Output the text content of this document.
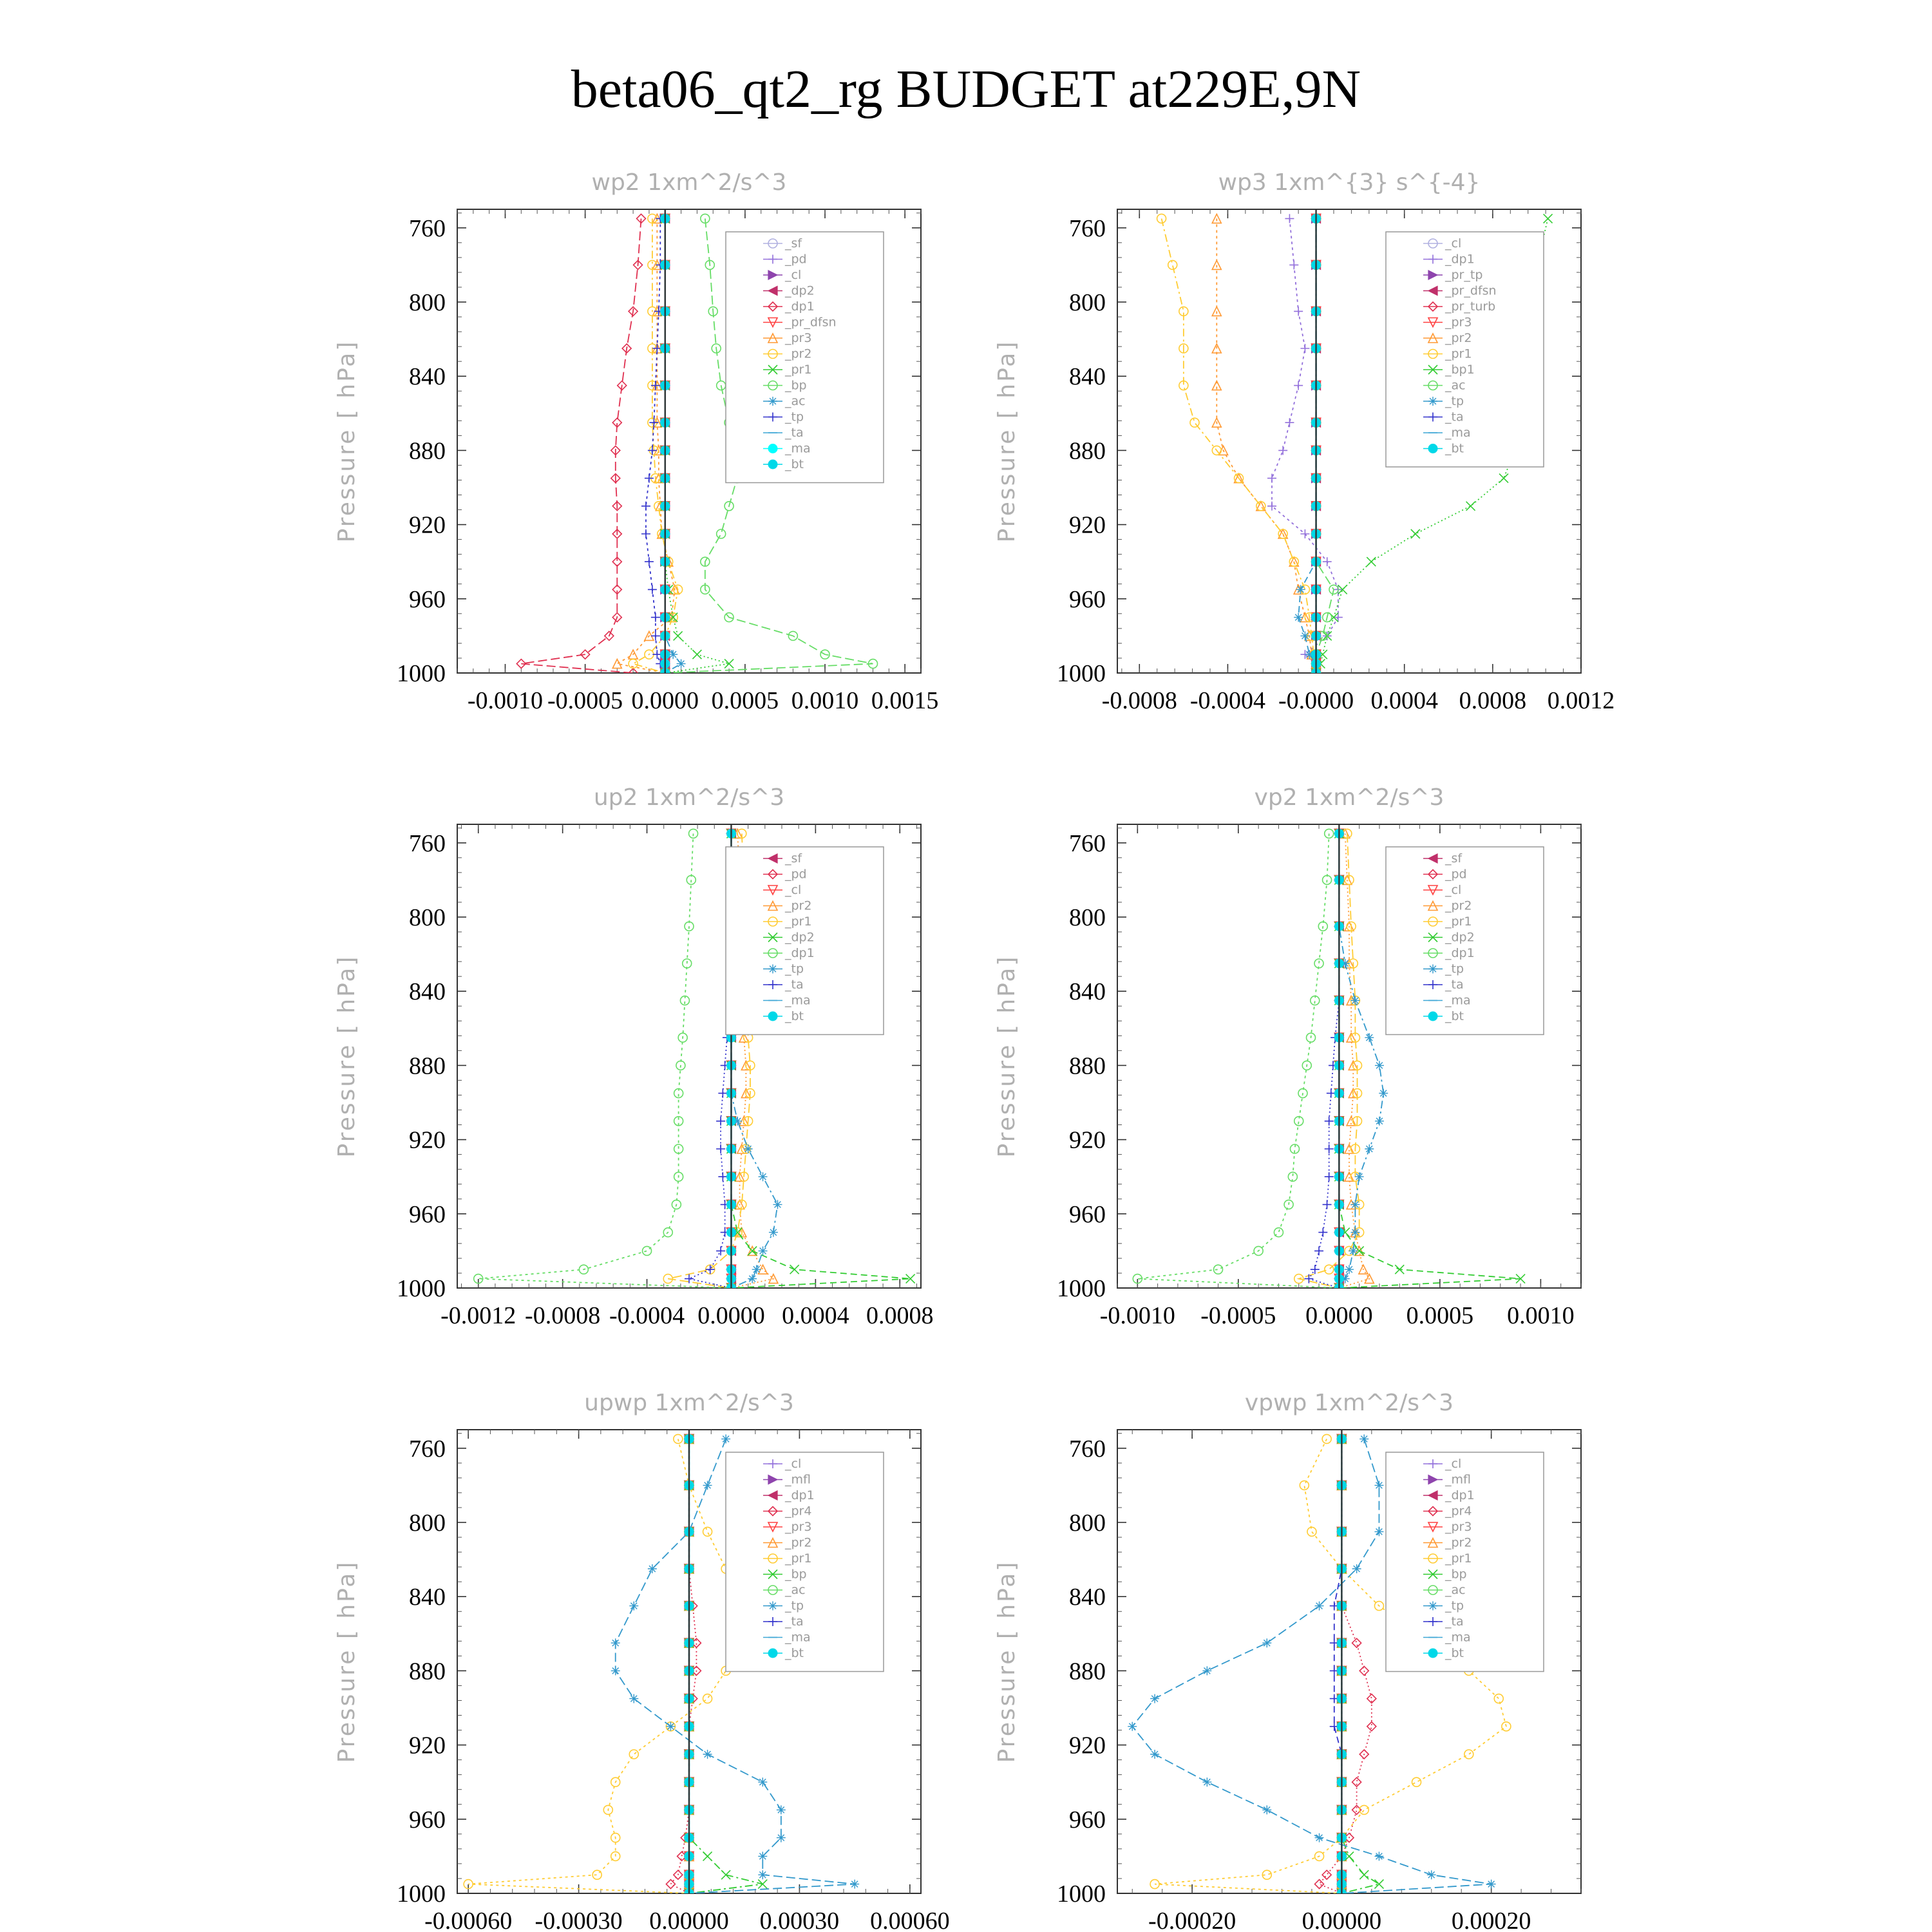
beta06_qt2_rg BUDGET at229E,9N
wp2 1xm^2/s^3
Pressure [ hPa]
-0.0010 -0.0005 0.0000 0.0005 0.0010 0.0015
760
800
840
880
920
960
1000
_sf
_pd
_cl
_dp2
_dp1
_pr_dfsn
_pr3
_pr2
_pr1
_bp
_ac
_tp
_ta
_ma
_bt
wp3 1xm^{3} s^{-4}
Pressure [ hPa]
-0.0008 -0.0004 -0.0000 0.0004 0.0008 0.0012
760
800
840
880
920
960
1000
_cl
_dp1
_pr_tp
_pr_dfsn
_pr_turb
_pr3
_pr2
_pr1
_bp1
_ac
_tp
_ta
_ma
_bt
up2 1xm^2/s^3
Pressure [ hPa]
-0.0012 -0.0008 -0.0004 0.0000 0.0004 0.0008
760
800
840
880
920
960
1000
_sf
_pd
_cl
_pr2
_pr1
_dp2
_dp1
_tp
_ta
_ma
_bt
vp2 1xm^2/s^3
Pressure [ hPa]
-0.0010 -0.0005 0.0000 0.0005 0.0010
760
800
840
880
920
960
1000
_sf
_pd
_cl
_pr2
_pr1
_dp2
_dp1
_tp
_ta
_ma
_bt
upwp 1xm^2/s^3
Pressure [ hPa]
-0.00060 -0.00030 0.00000 0.00030 0.00060
760
800
840
880
920
960
1000
_cl
_mfl
_dp1
_pr4
_pr3
_pr2
_pr1
_bp
_ac
_tp
_ta
_ma
_bt
vpwp 1xm^2/s^3
Pressure [ hPa]
-0.00020	0.00000	0.00020
760
800
840
880
920
960
1000
_cl
_mfl
_dp1
_pr4
_pr3
_pr2
_pr1
_bp
_ac
_tp
_ta
_ma
_bt
